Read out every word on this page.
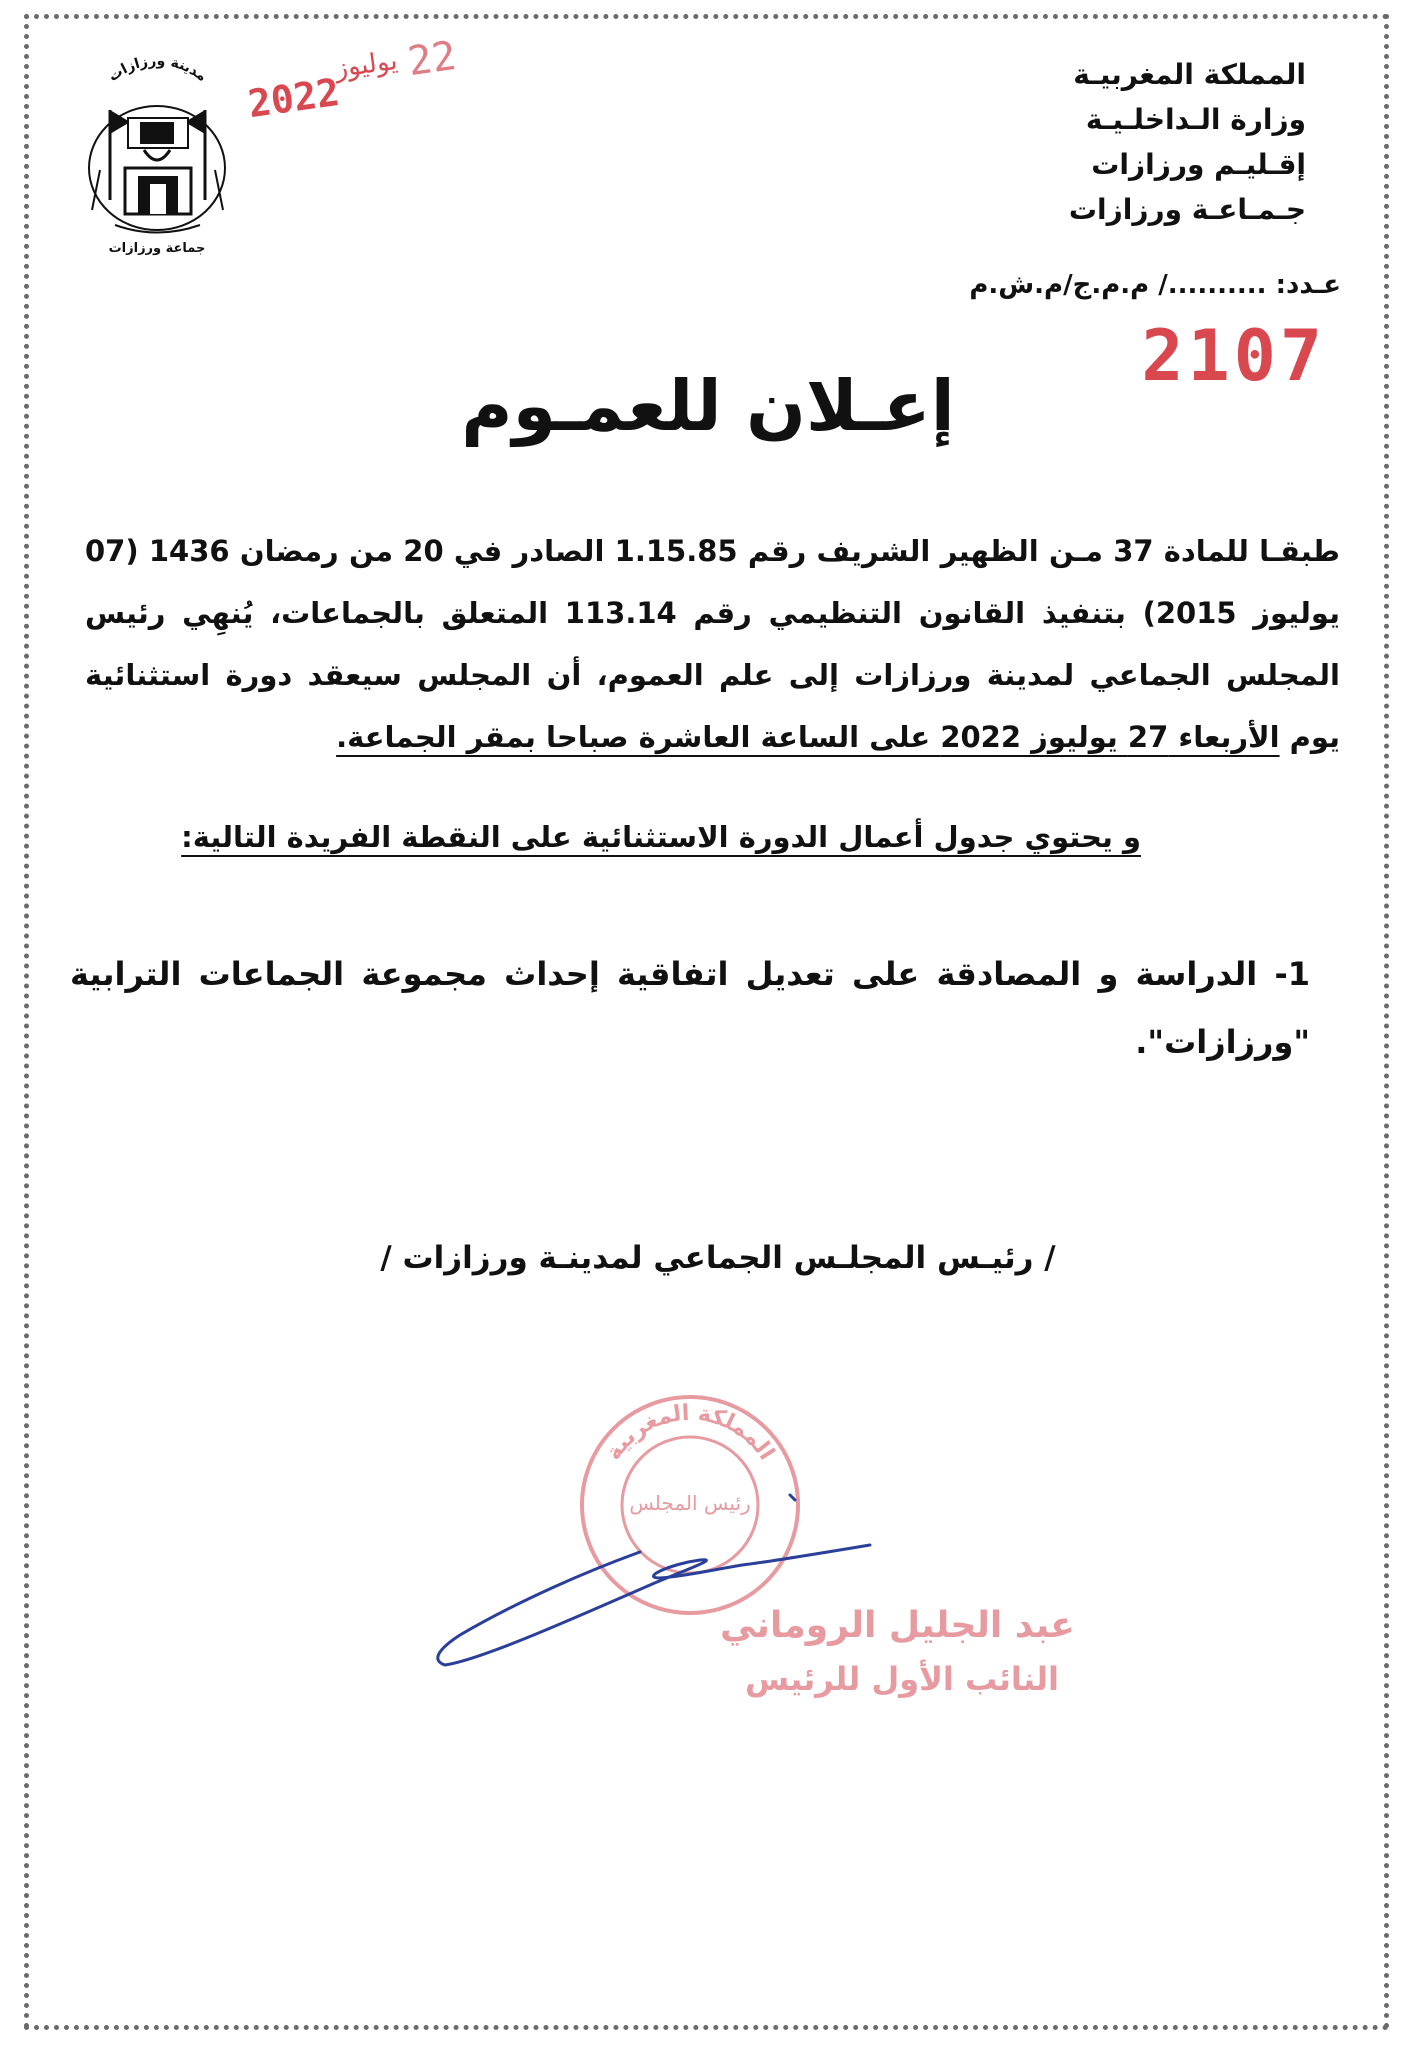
المملكة المغربيـة
وزارة الـداخلـيـة
إقـليـم ورزازات
جـمـاعـة ورزازات
مدينة ورزازات
جماعة ورزازات
2022
يوليوز 22
عـدد: ........../ م.م.ج/م.ش.م
2107
إعـلان للعمـوم
طبقـا للمادة 37 مـن الظهير الشريف رقم 1.15.85 الصادر في 20 من رمضان 1436 (07 يوليوز 2015) بتنفيذ القانون التنظيمي رقم 113.14 المتعلق بالجماعات، يُنهِي رئيس المجلس الجماعي لمدينة ورزازات إلى علم العموم، أن المجلس سيعقد دورة استثنائية يوم الأربعاء 27 يوليوز 2022 على الساعة العاشرة صباحا بمقر الجماعة.
و يحتوي جدول أعمال الدورة الاستثنائية على النقطة الفريدة التالية:
1- الدراسة و المصادقة على تعديل اتفاقية إحداث مجموعة الجماعات الترابية "ورزازات".
/ رئيـس المجلـس الجماعي لمدينـة ورزازات /
المملكة المغربية
رئيس المجلس
عبد الجليل الروماني
النائب الأول للرئيس
